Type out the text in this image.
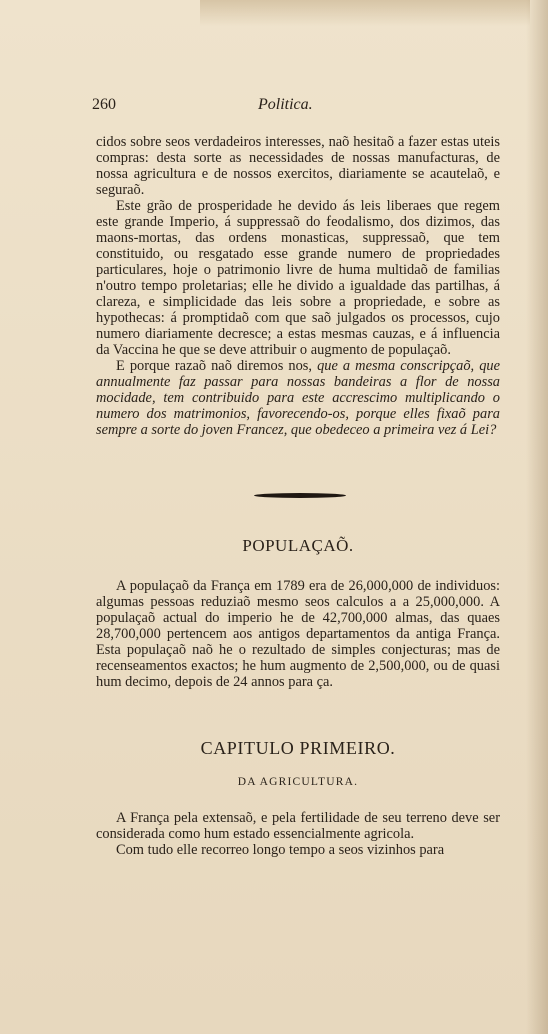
260	Politica.

cidos sobre seos verdadeiros interesses, naõ hesitaõ a fazer estas uteis compras: desta sorte as necessidades de nossas manufacturas, de nossa agricultura e de nossos exercitos, diariamente se acautelaõ, e seguraõ.

Este grão de prosperidade he devido ás leis liberaes que regem este grande Imperio, á suppressaõ do feodalismo, dos dizimos, das maons-mortas, das ordens monasticas, suppressaõ, que tem constituido, ou resgatado esse grande numero de propriedades particulares, hoje o patrimonio livre de huma multidaõ de familias n'outro tempo proletarias; elle he divido a igualdade das partilhas, á clareza, e simplicidade das leis sobre a propriedade, e sobre as hypothecas: á promptidaõ com que saõ julgados os processos, cujo numero diariamente decresce; a estas mesmas cauzas, e á influencia da Vaccina he que se deve attribuir o augmento de populaçaõ.

E porque razaõ naõ diremos nos, que a mesma conscripçaõ, que annualmente faz passar para nossas bandeiras a flor de nossa mocidade, tem contribuido para este accrescimo multiplicando o numero dos matrimonios, favorecendo-os, porque elles fixaõ para sempre a sorte do joven Francez, que obedeceo a primeira vez á Lei?

POPULAÇAÕ.

A populaçaõ da França em 1789 era de 26,000,000 de individuos: algumas pessoas reduziaõ mesmo seos calculos a a 25,000,000. A populaçaõ actual do imperio he de 42,700,000 almas, das quaes 28,700,000 pertencem aos antigos departamentos da antiga França. Esta populaçaõ naõ he o rezultado de simples conjecturas; mas de recenseamentos exactos; he hum augmento de 2,500,000, ou de quasi hum decimo, depois de 24 annos para ça.

CAPITULO PRIMEIRO.
DA AGRICULTURA.

A França pela extensaõ, e pela fertilidade de seu terreno deve ser considerada como hum estado essencialmente agricola.

Com tudo elle recorreo longo tempo a seos vizinhos para
